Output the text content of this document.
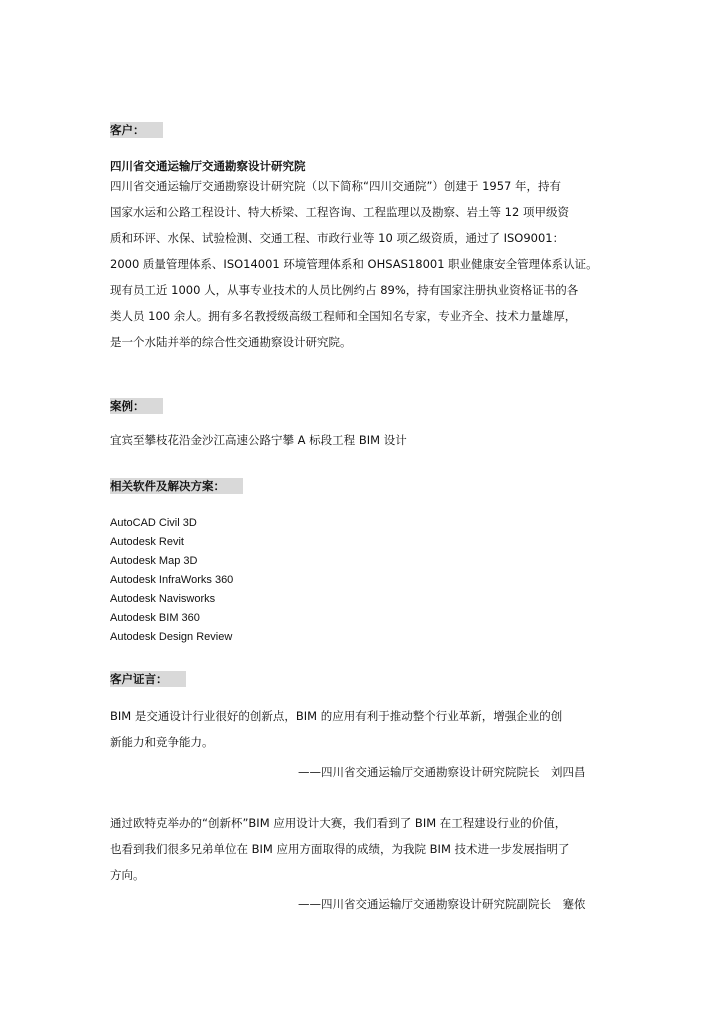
客户：
四川省交通运输厅交通勘察设计研究院
四川省交通运输厅交通勘察设计研究院（以下简称“四川交通院”）创建于 1957 年，持有
国家水运和公路工程设计、特大桥梁、工程咨询、工程监理以及勘察、岩土等 12 项甲级资
质和环评、水保、试验检测、交通工程、市政行业等 10 项乙级资质，通过了 ISO9001：
2000 质量管理体系、ISO14001 环境管理体系和 OHSAS18001 职业健康安全管理体系认证。
现有员工近 1000 人，从事专业技术的人员比例约占 89%，持有国家注册执业资格证书的各
类人员 100 余人。拥有多名教授级高级工程师和全国知名专家，专业齐全、技术力量雄厚，
是一个水陆并举的综合性交通勘察设计研究院。
案例：
宜宾至攀枝花沿金沙江高速公路宁攀 A 标段工程 BIM 设计
相关软件及解决方案：
AutoCAD Civil 3D
Autodesk Revit
Autodesk Map 3D
Autodesk InfraWorks 360
Autodesk Navisworks
Autodesk BIM 360
Autodesk Design Review
客户证言：
BIM 是交通设计行业很好的创新点，BIM 的应用有利于推动整个行业革新，增强企业的创
新能力和竞争能力。
——四川省交通运输厅交通勘察设计研究院院长　刘四昌
通过欧特克举办的“创新杯”BIM 应用设计大赛，我们看到了 BIM 在工程建设行业的价值，
也看到我们很多兄弟单位在 BIM 应用方面取得的成绩，为我院 BIM 技术进一步发展指明了
方向。
——四川省交通运输厅交通勘察设计研究院副院长　蹇侬
